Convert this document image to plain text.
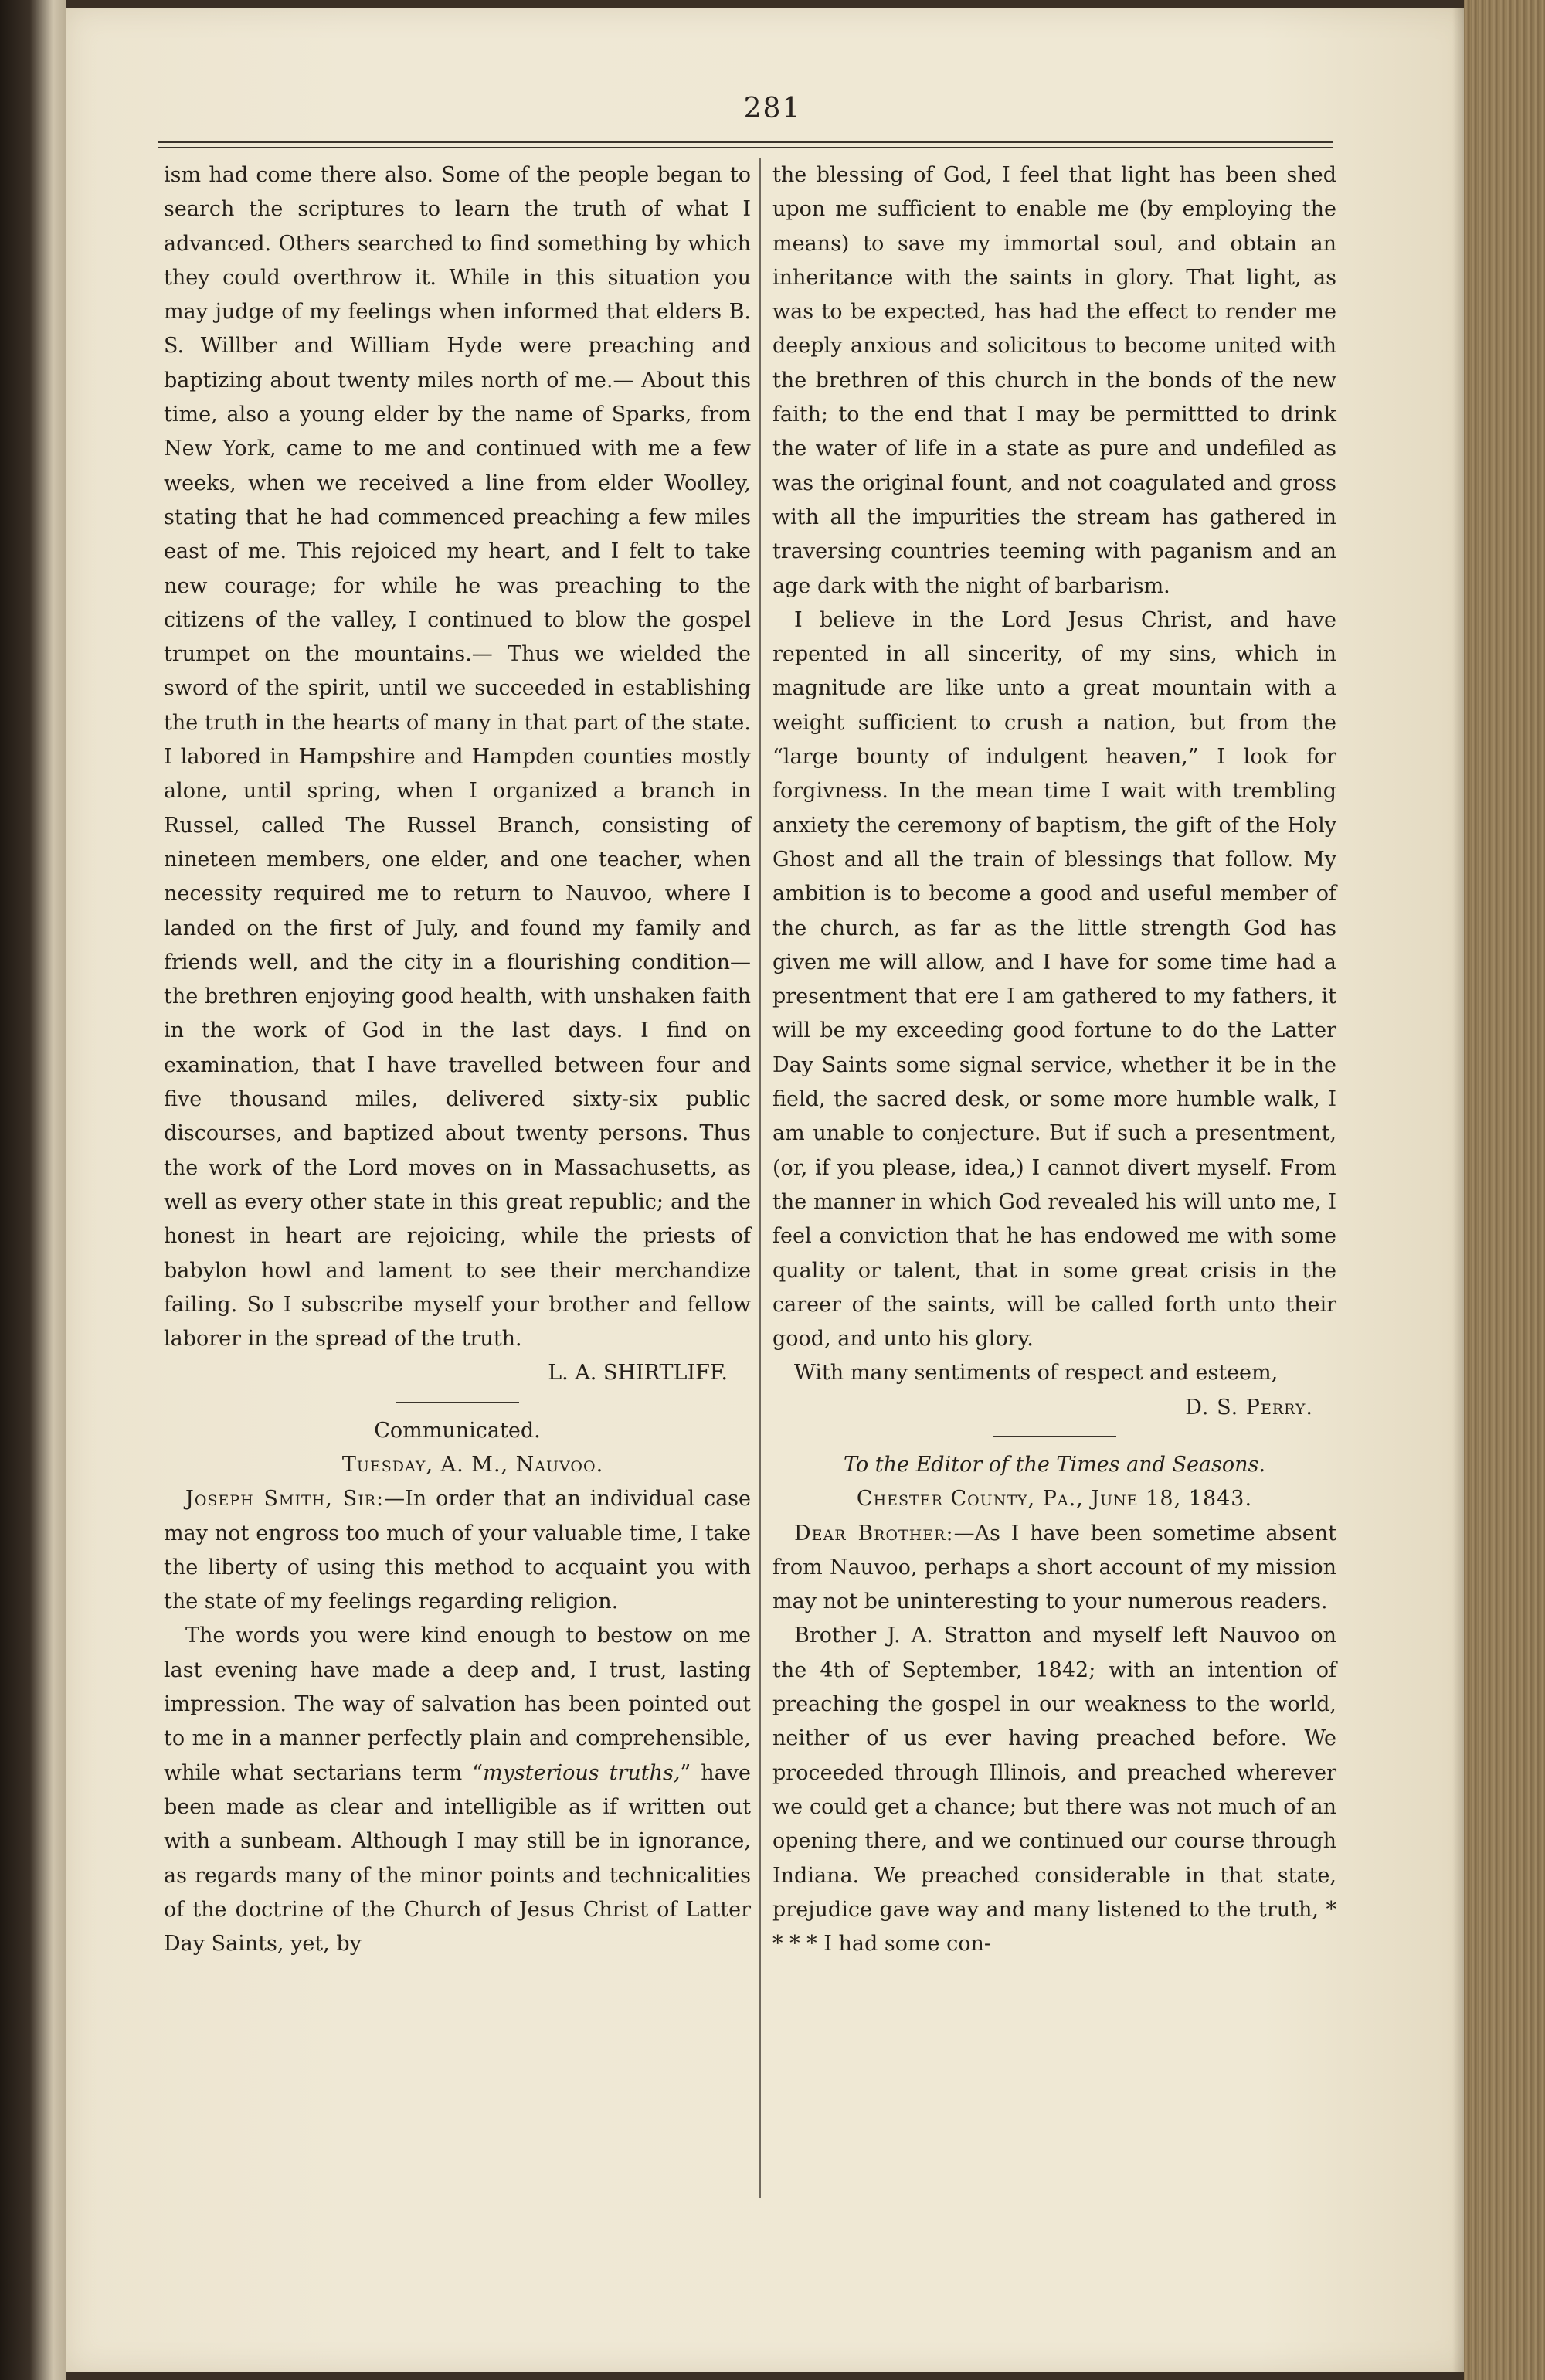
281

ism had come there also. Some of the people began to search the scriptures to learn the truth of what I advanced. Others searched to find something by which they could overthrow it. While in this situation you may judge of my feelings when informed that elders B. S. Willber and William Hyde were preaching and baptizing about twenty miles north of me.— About this time, also a young elder by the name of Sparks, from New York, came to me and continued with me a few weeks, when we received a line from elder Woolley, stating that he had commenced preaching a few miles east of me. This rejoiced my heart, and I felt to take new courage; for while he was preaching to the citizens of the valley, I continued to blow the gospel trumpet on the mountains.— Thus we wielded the sword of the spirit, until we succeeded in establishing the truth in the hearts of many in that part of the state. I labored in Hampshire and Hampden counties mostly alone, until spring, when I organized a branch in Russel, called The Russel Branch, consisting of nineteen members, one elder, and one teacher, when necessity required me to return to Nauvoo, where I landed on the first of July, and found my family and friends well, and the city in a flourishing condition—the brethren enjoying good health, with unshaken faith in the work of God in the last days. I find on examination, that I have travelled between four and five thousand miles, delivered sixty-six public discourses, and baptized about twenty persons. Thus the work of the Lord moves on in Massachusetts, as well as every other state in this great republic; and the honest in heart are rejoicing, while the priests of babylon howl and lament to see their merchandize failing. So I subscribe myself your brother and fellow laborer in the spread of the truth.

L. A. SHIRTLIFF.

Communicated.

Tuesday, A. M., Nauvoo.

Joseph Smith, Sir:—In order that an individual case may not engross too much of your valuable time, I take the liberty of using this method to acquaint you with the state of my feelings regarding religion.

The words you were kind enough to bestow on me last evening have made a deep and, I trust, lasting impression. The way of salvation has been pointed out to me in a manner perfectly plain and comprehensible, while what sectarians term “mysterious truths,” have been made as clear and intelligible as if written out with a sunbeam. Although I may still be in ignorance, as regards many of the minor points and technicalities of the doctrine of the Church of Jesus Christ of Latter Day Saints, yet, by

the blessing of God, I feel that light has been shed upon me sufficient to enable me (by employing the means) to save my immortal soul, and obtain an inheritance with the saints in glory. That light, as was to be expected, has had the effect to render me deeply anxious and solicitous to become united with the brethren of this church in the bonds of the new faith; to the end that I may be permittted to drink the water of life in a state as pure and undefiled as was the original fount, and not coagulated and gross with all the impurities the stream has gathered in traversing countries teeming with paganism and an age dark with the night of barbarism.

I believe in the Lord Jesus Christ, and have repented in all sincerity, of my sins, which in magnitude are like unto a great mountain with a weight sufficient to crush a nation, but from the “large bounty of indulgent heaven,” I look for forgivness. In the mean time I wait with trembling anxiety the ceremony of baptism, the gift of the Holy Ghost and all the train of blessings that follow. My ambition is to become a good and useful member of the church, as far as the little strength God has given me will allow, and I have for some time had a presentment that ere I am gathered to my fathers, it will be my exceeding good fortune to do the Latter Day Saints some signal service, whether it be in the field, the sacred desk, or some more humble walk, I am unable to conjecture. But if such a presentment, (or, if you please, idea,) I cannot divert myself. From the manner in which God revealed his will unto me, I feel a conviction that he has endowed me with some quality or talent, that in some great crisis in the career of the saints, will be called forth unto their good, and unto his glory.

With many sentiments of respect and esteem,

D. S. Perry.

To the Editor of the Times and Seasons.

Chester County, Pa., June 18, 1843.

Dear Brother:—As I have been sometime absent from Nauvoo, perhaps a short account of my mission may not be uninteresting to your numerous readers.

Brother J. A. Stratton and myself left Nauvoo on the 4th of September, 1842; with an intention of preaching the gospel in our weakness to the world, neither of us ever having preached before. We proceeded through Illinois, and preached wherever we could get a chance; but there was not much of an opening there, and we continued our course through Indiana. We preached considerable in that state, prejudice gave way and many listened to the truth, * * * * I had some con-
